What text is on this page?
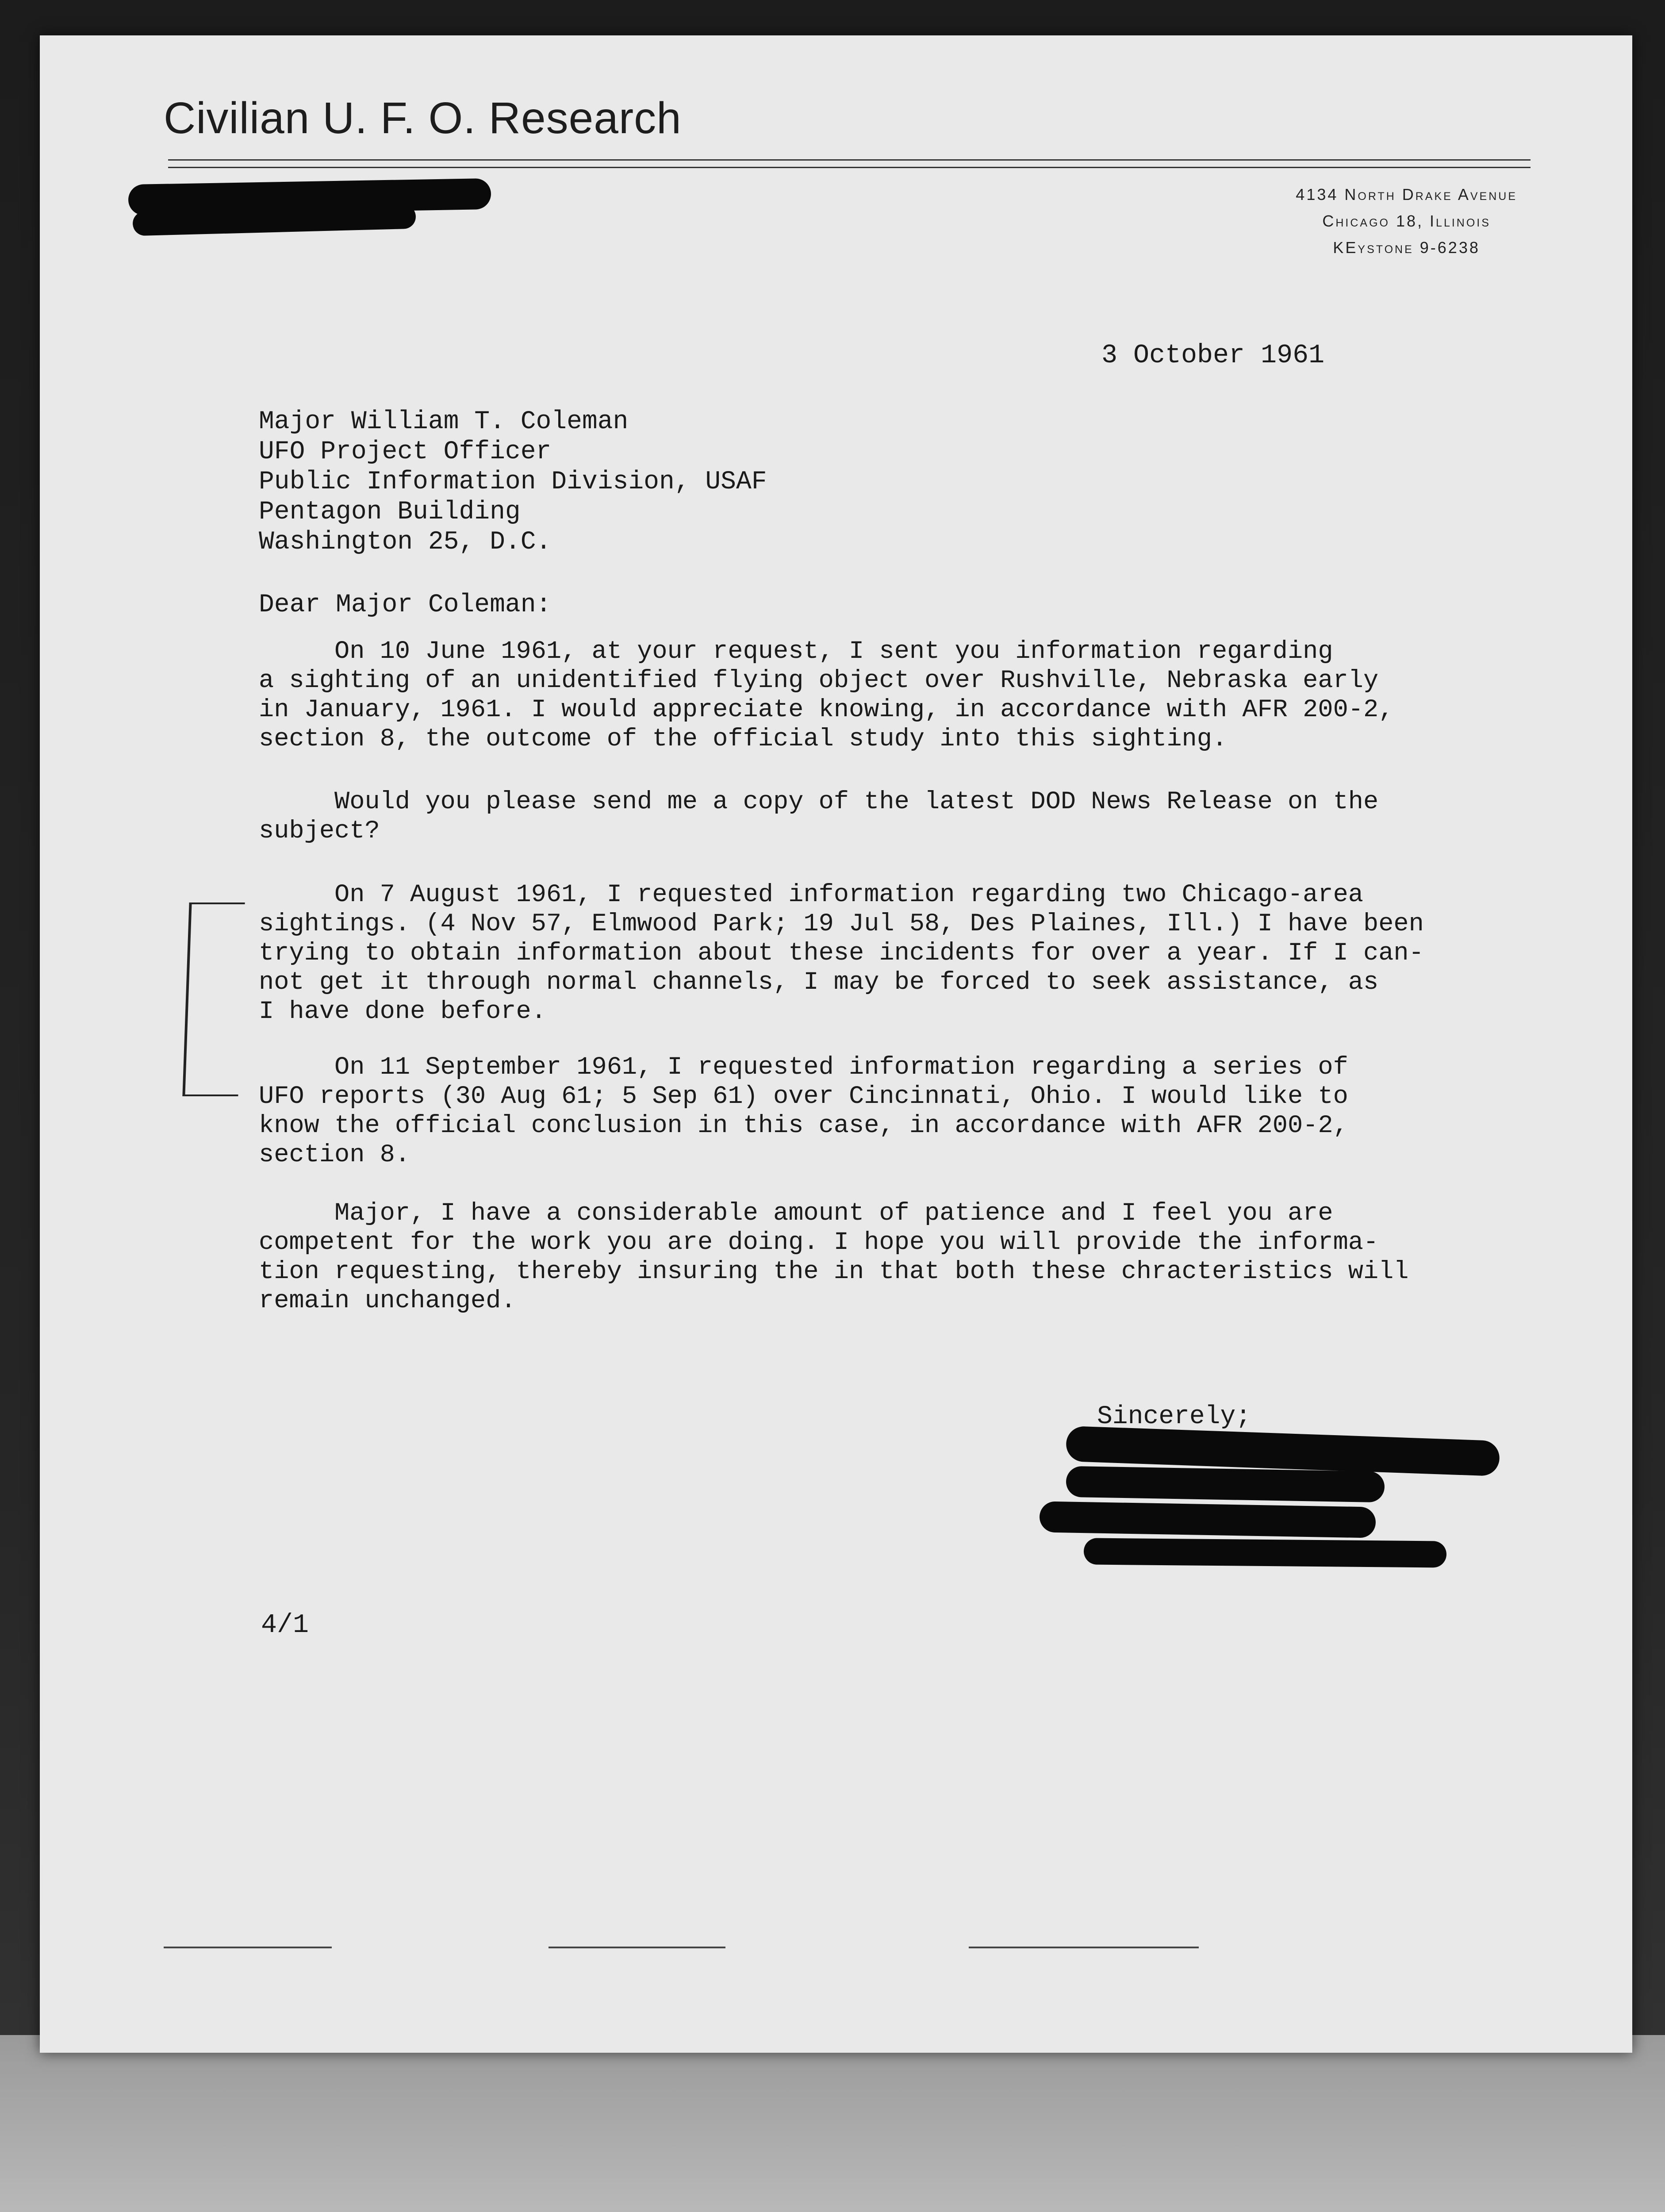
Civilian U. F. O. Research
4134 North Drake Avenue
Chicago 18, Illinois
KEystone 9-6238
3 October 1961
Major William T. Coleman
UFO Project Officer
Public Information Division, USAF
Pentagon Building
Washington 25, D.C.
Dear Major Coleman:
On 10 June 1961, at your request, I sent you information regarding
a sighting of an unidentified flying object over Rushville, Nebraska early
in January, 1961. I would appreciate knowing, in accordance with AFR 200-2,
section 8, the outcome of the official study into this sighting.
Would you please send me a copy of the latest DOD News Release on the
subject?
On 7 August 1961, I requested information regarding two Chicago-area
sightings. (4 Nov 57, Elmwood Park; 19 Jul 58, Des Plaines, Ill.) I have been
trying to obtain information about these incidents for over a year. If I can-
not get it through normal channels, I may be forced to seek assistance, as
I have done before.
On 11 September 1961, I requested information regarding a series of
UFO reports (30 Aug 61; 5 Sep 61) over Cincinnati, Ohio. I would like to
know the official conclusion in this case, in accordance with AFR 200-2,
section 8.
Major, I have a considerable amount of patience and I feel you are
competent for the work you are doing. I hope you will provide the informa-
tion requesting, thereby insuring the in that both these chracteristics will
remain unchanged.
Sincerely;
4/1
